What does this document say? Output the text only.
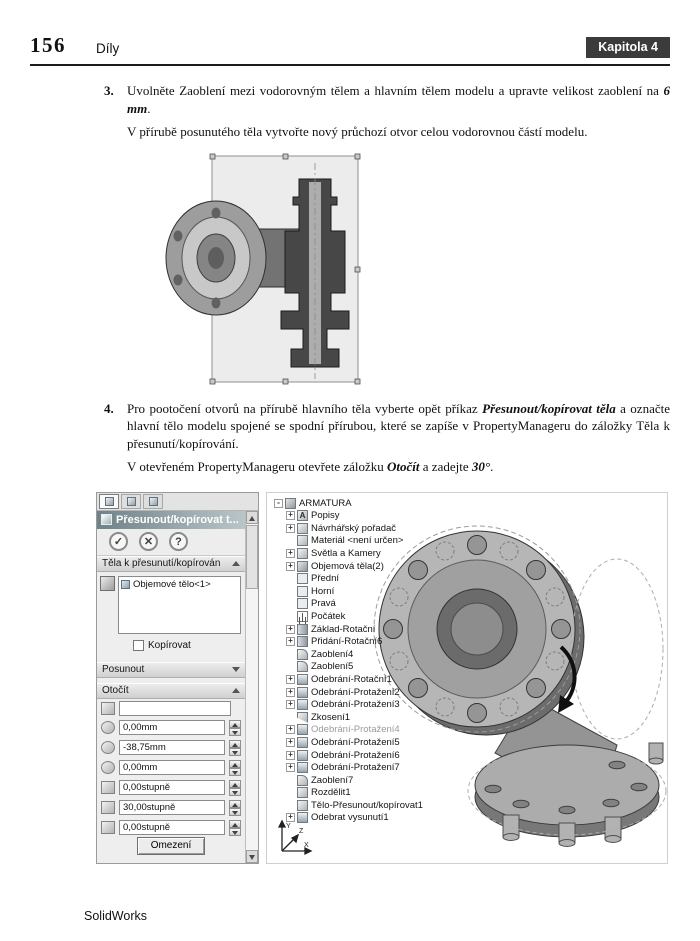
156 Díly	Kapitola 4
3.	Uvolněte Zaoblení mezi vodorovným tělem a hlavním tělem modelu a upravte velikost zaoblení na 6 mm.

V přírubě posunutého těla vytvořte nový průchozí otvor celou vodorovnou částí modelu.

4.	Pro pootočení otvorů na přírubě hlavního těla vyberte opět příkaz Přesunout/kopírovat těla a označte hlavní tělo modelu spojené se spodní přírubou, které se zapíše v PropertyManageru do záložky Těla k přesunutí/kopírování.

V otevřeném PropertyManageru otevřete záložku Otočít a zadejte 30°.

Přesunout/kopírovat t...
✓	✕	?
Těla k přesunutí/kopírován
Objemové tělo<1>
Kopírovat
Posunout
Otočít
0,00mm
-38,75mm
0,00mm
0,00stupně
30,00stupně
0,00stupně
Omezení
- ARMATURA
+ A Popisy
+ Návrhářský pořadač
Materiál <není určen>
+ Světla a Kamery
+ Objemová těla(2)
Přední
Horní
Pravá
Počátek
+ Základ-Rotační
+ Přidání-Rotační6
Zaoblení4
Zaoblení5
+ Odebrání-Rotační1
+ Odebrání-Protažení2
+ Odebrání-Protažení3
Zkosení1
+ Odebrání-Protažení4
+ Odebrání-Protažení5
+ Odebrání-Protažení6
+ Odebrání-Protažení7
Zaoblení7
Rozdělit1
Tělo-Přesunout/kopírovat1
+ Odebrat vysunutí1
Y
X
Z
SolidWorks
